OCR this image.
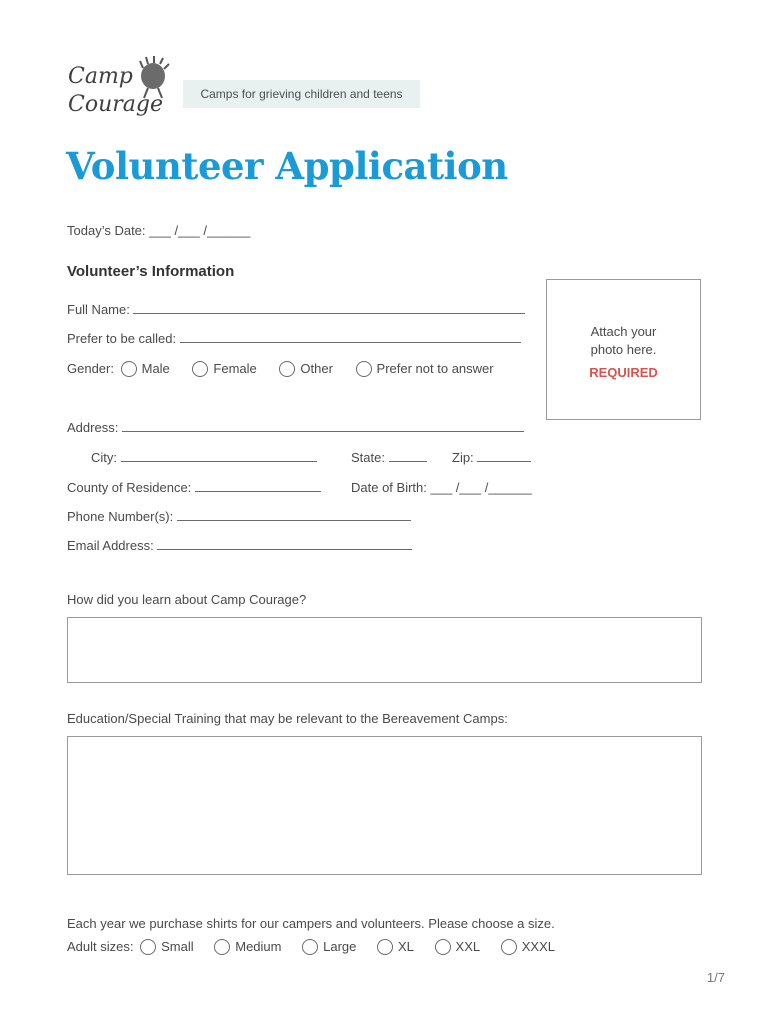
Camp
Courage	Camps for grieving children and teens
Volunteer Application
Today’s Date: ___ /___ /______
Volunteer’s Information
Full Name:
Prefer to be called:
Gender: Male	Female	Other	Prefer not to answer
Attach your photo here.
REQUIRED
Address:
City:	State:	Zip:
County of Residence:	Date of Birth: ___ /___ /______
Phone Number(s):
Email Address:
How did you learn about Camp Courage?
Education/Special Training that may be relevant to the Bereavement Camps:
Each year we purchase shirts for our campers and volunteers. Please choose a size.
Adult sizes: Small	Medium	Large	XL	XXL	XXXL
1/7
